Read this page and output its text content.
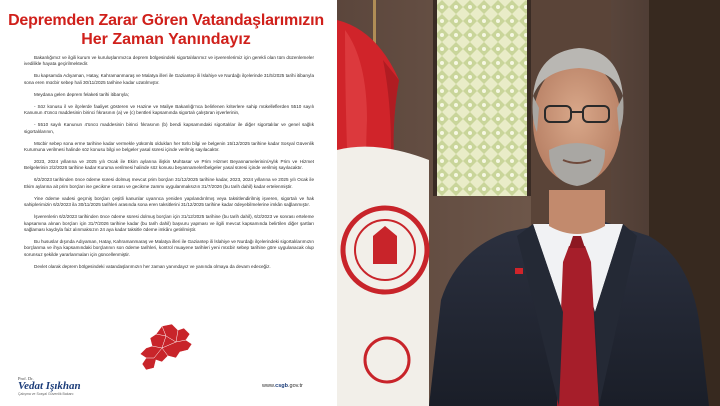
Depremden Zarar Gören Vatandaşlarımızın
Her Zaman Yanındayız

Bakanlığımız ve ilgili kurum ve kuruluşlarımızca deprem bölgesindeki sigortalılarımız ve işverenlerimiz için gerekli olan tüm düzenlemeler ivedilikle hayata geçirilmektedir.

Bu kapsamda Adıyaman, Hatay, Kahramanmaraş ve Malatya illeri ile Gaziantep ili İslahiye ve Nurdağı ilçelerinde 31/5/2025 tarihi itibarıyla sona eren mücbir sebep hali 30/11/2025 tarihine kadar uzatılmıştır.

Meydana gelen deprem felaketi tarihi itibarıyla;

- Söz konusu il ve ilçelerde faaliyet gösteren ve Hazine ve Maliye Bakanlığı'nca belirlenen kriterlere sahip mükelleflerden 5510 sayılı Kanunun 4'üncü maddesinin birinci fıkrasının (a) ve (c) bentleri kapsamında sigortalı çalıştıran işverlerinin,

- 5510 sayılı Kanunun 4'üncü maddesinin birinci fıkrasının (b) bendi kapsamındaki sigortalılar ile diğer sigortalılar ve genel sağlık sigortalılarının,

Mücbir sebep sona erme tarihine kadar vermekle yükümlü oldukları her türlü bilgi ve belgenin 15/12/2025 tarihine kadar Sosyal Güvenlik Kurumuna verilmesi halinde söz konusu bilgi ve belgeler yasal süresi içinde verilmiş sayılacaktır.

2023, 2024 yıllarına ve 2025 yılı Ocak ile Ekim aylarına ilişkin Muhtasar ve Prim Hizmet Beyannamelerinin/Aylık Prim ve Hizmet Belgelerinin 2/2/2026 tarihine kadar Kuruma verilmesi halinde söz konusu beyannameler/belgeler yasal süresi içinde verilmiş sayılacaktır.

6/2/2023 tarihinden önce ödeme süresi dolmuş mevcut prim borçları 31/12/2025 tarihine kadar, 2023, 2024 yıllarına ve 2025 yılı Ocak ile Ekim aylarına ait prim borçları ise gecikme cezası ve gecikme zammı uygulanmaksızın 31/7/2026 (bu tarih dahil) kadar ertelenmiştir.

Yine ödeme vadesi geçmiş borçları çeşitli kanunlar uyarınca yeniden yapılandırılmış veya taksitlendirilmiş işveren, sigortalı ve hak sahiplerimizin 6/2/2023 ila 30/11/2025 tarihleri arasında sona eren taksitlerini 31/12/2025 tarihine kadar ödeyebilmelerine imkân sağlanmıştır.

İşverenlerin 6/2/2023 tarihinden önce ödeme süresi dolmuş borçları için 31/12/2025 tarihine (bu tarih dahil), 6/2/2023 ve sonrası erteleme kapsamına alınan borçları için 31/7/2026 tarihine kadar (bu tarih dahil) başvuru yapması ve ilgili mevcut kapsamında belirtilen diğer şartları sağlaması kaydıyla faiz alınmaksızın 24 aya kadar taksitle ödeme imkânı getirilmiştir.

Bu hususlar dışında Adıyaman, Hatay, Kahramanmaraş ve Malatya illeri ile Gaziantep ili İslahiye ve Nurdağı ilçelerindeki sigortalılarımızın borçlanma ve ihya kapsamındaki borçlarının son ödeme tarihleri, kontrol muayene tarihleri yeni mücbir sebep tarihine göre uygulanacak olup sorunsuz şekilde yararlanmaları için güncellenmiştir.

Devlet olarak deprem bölgesindeki vatandaşlarımızın her zaman yanındayız ve yanında olmaya da devam edeceğiz.

Prof. Dr.
Vedat Işıkhan
Çalışma ve Sosyal Güvenlik Bakanı
www.csgb.gov.tr
